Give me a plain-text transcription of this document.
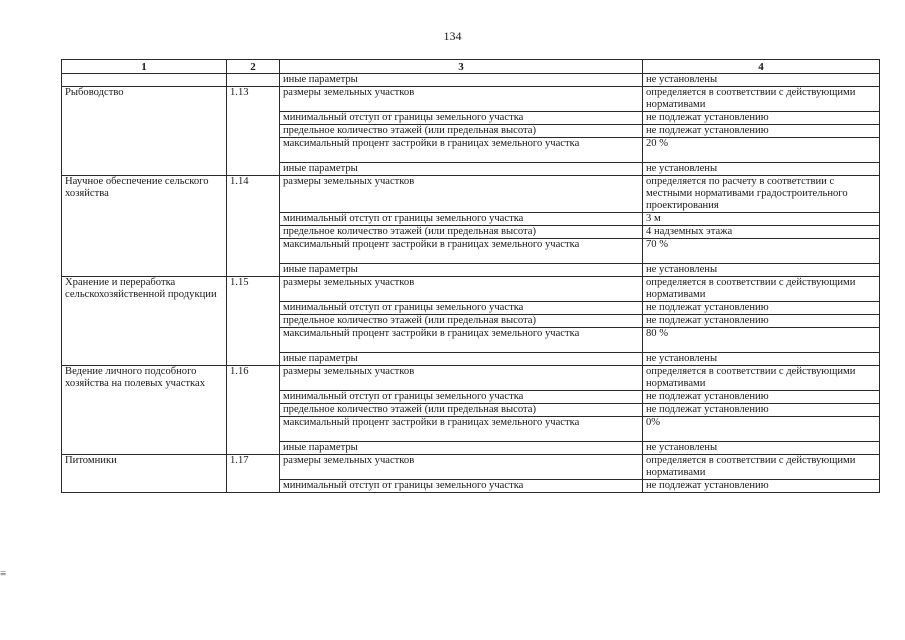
134
≡
1	2	3	4
		иные параметры	не установлены
Рыбоводство	1.13	размеры земельных участков	определяется в соответствии с действующими нормативами
		минимальный отступ от границы земельного участка	не подлежат установлению
		предельное количество этажей (или предельная высота)	не подлежат установлению
		максимальный процент застройки в границах земельного участка	20 %
		иные параметры	не установлены
Научное обеспечение сельского хозяйства	1.14	размеры земельных участков	определяется по расчету в соответствии с местными нормативами градостроительного проектирования
		минимальный отступ от границы земельного участка	3 м
		предельное количество этажей (или предельная высота)	4 надземных этажа
		максимальный процент застройки в границах земельного участка	70 %
		иные параметры	не установлены
Хранение и переработка сельскохозяйственной продукции	1.15	размеры земельных участков	определяется в соответствии с действующими нормативами
		минимальный отступ от границы земельного участка	не подлежат установлению
		предельное количество этажей (или предельная высота)	не подлежат установлению
		максимальный процент застройки в границах земельного участка	80 %
		иные параметры	не установлены
Ведение личного подсобного хозяйства на полевых участках	1.16	размеры земельных участков	определяется в соответствии с действующими нормативами
		минимальный отступ от границы земельного участка	не подлежат установлению
		предельное количество этажей (или предельная высота)	не подлежат установлению
		максимальный процент застройки в границах земельного участка	0%
		иные параметры	не установлены
Питомники	1.17	размеры земельных участков	определяется в соответствии с действующими нормативами
		минимальный отступ от границы земельного участка	не подлежат установлению
